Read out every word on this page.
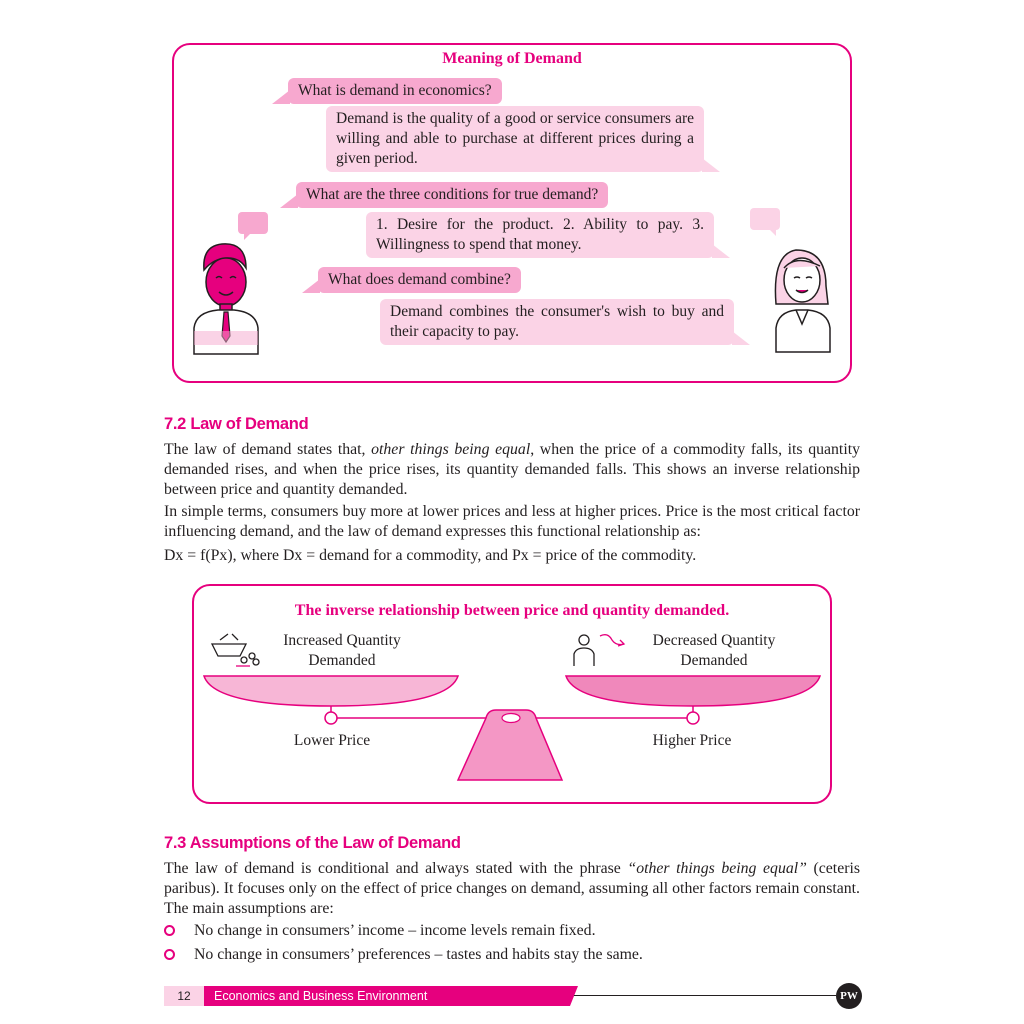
Meaning of Demand
What is demand in economics?
Demand is the quality of a good or service consumers are willing and able to purchase at different prices during a given period.
What are the three conditions for true demand?
1. Desire for the product. 2. Ability to pay. 3. Willingness to spend that money.
What does demand combine?
Demand combines the consumer's wish to buy and their capacity to pay.
7.2 Law of Demand

The law of demand states that, other things being equal, when the price of a commodity falls, its quantity demanded rises, and when the price rises, its quantity demanded falls. This shows an inverse relationship between price and quantity demanded.

In simple terms, consumers buy more at lower prices and less at higher prices. Price is the most critical factor influencing demand, and the law of demand expresses this functional relationship as:

Dx = f(Px), where Dx = demand for a commodity, and Px = price of the commodity.

The inverse relationship between price and quantity demanded.
Increased Quantity Demanded
Decreased Quantity Demanded
Lower Price	Higher Price
7.3 Assumptions of the Law of Demand

The law of demand is conditional and always stated with the phrase “other things being equal” (ceteris paribus). It focuses only on the effect of price changes on demand, assuming all other factors remain constant. The main assumptions are:

No change in consumers’ income – income levels remain fixed.
No change in consumers’ preferences – tastes and habits stay the same.
12	Economics and Business Environment	PW
